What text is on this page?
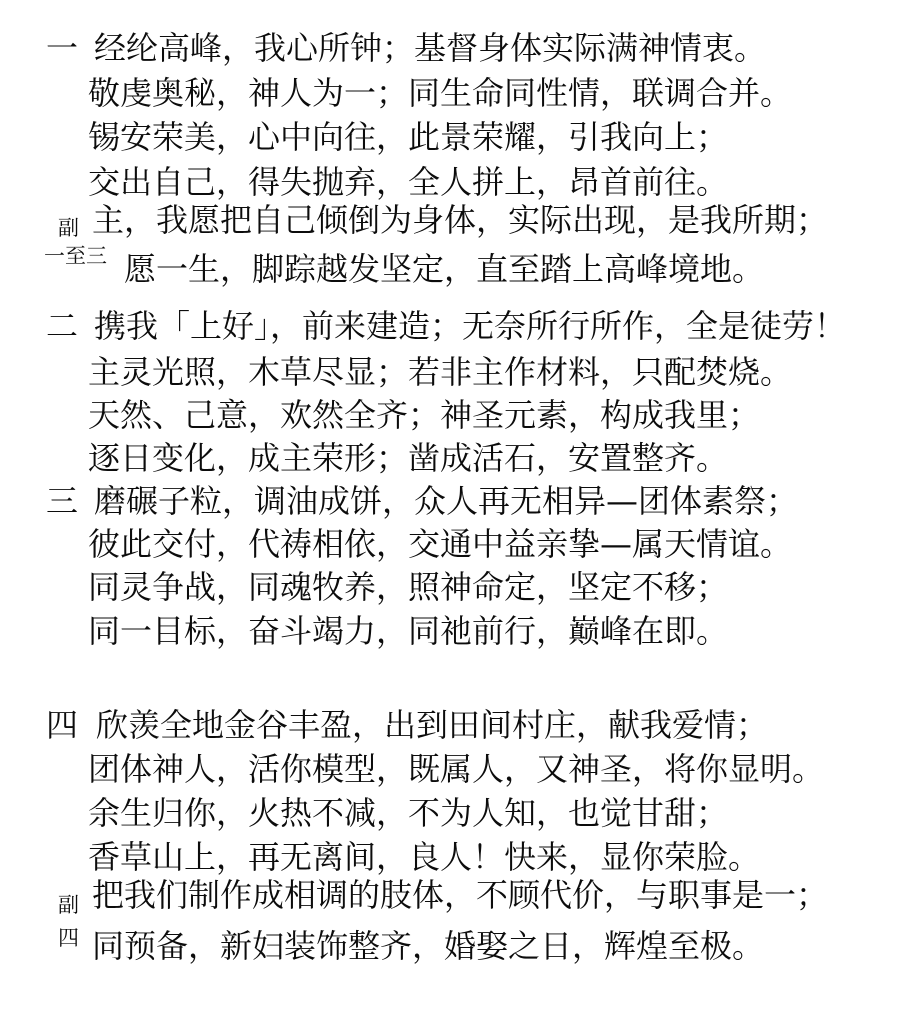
一 经纶高峰，我心所钟；基督身体实际满神情衷。
敬虔奥秘，神人为一；同生命同性情，联调合并。
锡安荣美，心中向往，此景荣耀，引我向上；
交出自己，得失抛弃，全人拼上，昂首前往。
副
一至三
主，我愿把自己倾倒为身体，实际出现，是我所期；
愿一生，脚踪越发坚定，直至踏上高峰境地。
二 携我「上好」，前来建造；无奈所行所作，全是徒劳！
主灵光照，木草尽显；若非主作材料，只配焚烧。
天然、己意，欢然全齐；神圣元素，构成我里；
逐日变化，成主荣形；凿成活石，安置整齐。
三 磨碾子粒，调油成饼，众人再无相异—团体素祭；
彼此交付，代祷相依，交通中益亲挚—属天情谊。
同灵争战，同魂牧养，照神命定，坚定不移；
同一目标，奋斗竭力，同祂前行，巅峰在即。
四 欣羡全地金谷丰盈，出到田间村庄，献我爱情；
团体神人，活你模型，既属人，又神圣，将你显明。
余生归你，火热不减，不为人知，也觉甘甜；
香草山上，再无离间，良人！快来，显你荣脸。
副
四
把我们制作成相调的肢体，不顾代价，与职事是一；
同预备，新妇装饰整齐，婚娶之日，辉煌至极。
